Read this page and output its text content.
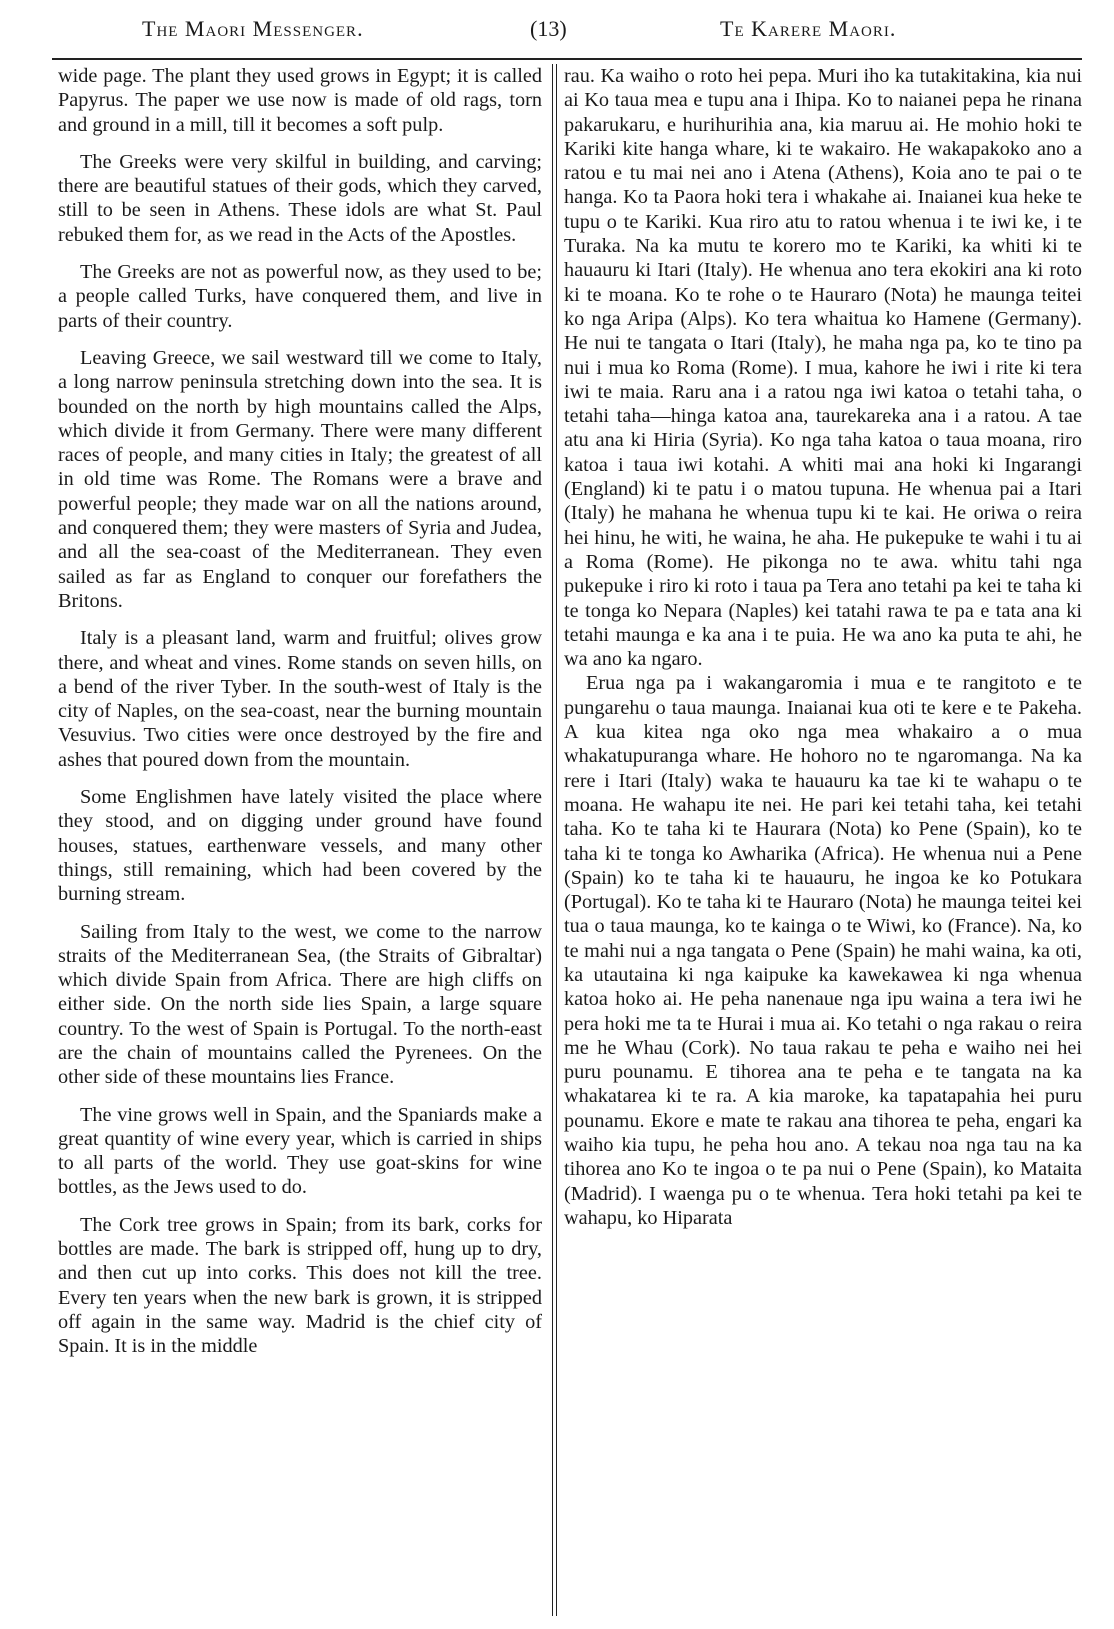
The Maori Messenger.	(13)	Te Karere Maori.

wide page. The plant they used grows in Egypt; it is called Papyrus. The paper we use now is made of old rags, torn and ground in a mill, till it becomes a soft pulp.

The Greeks were very skilful in building, and carving; there are beautiful statues of their gods, which they carved, still to be seen in Athens. These idols are what St. Paul rebuked them for, as we read in the Acts of the Apostles.

The Greeks are not as powerful now, as they used to be; a people called Turks, have conquered them, and live in parts of their country.

Leaving Greece, we sail westward till we come to Italy, a long narrow peninsula stretching down into the sea. It is bounded on the north by high mountains called the Alps, which divide it from Germany. There were many different races of people, and many cities in Italy; the greatest of all in old time was Rome. The Romans were a brave and powerful people; they made war on all the nations around, and conquered them; they were masters of Syria and Judea, and all the sea-coast of the Mediterranean. They even sailed as far as England to conquer our forefathers the Britons.

Italy is a pleasant land, warm and fruitful; olives grow there, and wheat and vines. Rome stands on seven hills, on a bend of the river Tyber. In the south-west of Italy is the city of Naples, on the sea-coast, near the burning mountain Vesuvius. Two cities were once destroyed by the fire and ashes that poured down from the mountain.

Some Englishmen have lately visited the place where they stood, and on digging under ground have found houses, statues, earthenware vessels, and many other things, still remaining, which had been covered by the burning stream.

Sailing from Italy to the west, we come to the narrow straits of the Mediterranean Sea, (the Straits of Gibraltar) which divide Spain from Africa. There are high cliffs on either side. On the north side lies Spain, a large square country. To the west of Spain is Portugal. To the north-east are the chain of mountains called the Pyrenees. On the other side of these mountains lies France.

The vine grows well in Spain, and the Spaniards make a great quantity of wine every year, which is carried in ships to all parts of the world. They use goat-skins for wine bottles, as the Jews used to do.

The Cork tree grows in Spain; from its bark, corks for bottles are made. The bark is stripped off, hung up to dry, and then cut up into corks. This does not kill the tree. Every ten years when the new bark is grown, it is stripped off again in the same way. Madrid is the chief city of Spain. It is in the middle

rau. Ka waiho o roto hei pepa. Muri iho ka tutakitakina, kia nui ai Ko taua mea e tupu ana i Ihipa. Ko to naianei pepa he rinana pakarukaru, e hurihurihia ana, kia maruu ai. He mohio hoki te Kariki kite hanga whare, ki te wakairo. He wakapakoko ano a ratou e tu mai nei ano i Atena (Athens), Koia ano te pai o te hanga. Ko ta Paora hoki tera i whakahe ai. Inaianei kua heke te tupu o te Kariki. Kua riro atu to ratou whenua i te iwi ke, i te Turaka. Na ka mutu te korero mo te Kariki, ka whiti ki te hauauru ki Itari (Italy). He whenua ano tera ekokiri ana ki roto ki te moana. Ko te rohe o te Hauraro (Nota) he maunga teitei ko nga Aripa (Alps). Ko tera whaitua ko Hamene (Germany). He nui te tangata o Itari (Italy), he maha nga pa, ko te tino pa nui i mua ko Roma (Rome). I mua, kahore he iwi i rite ki tera iwi te maia. Raru ana i a ratou nga iwi katoa o tetahi taha, o tetahi taha—hinga katoa ana, taurekareka ana i a ratou. A tae atu ana ki Hiria (Syria). Ko nga taha katoa o taua moana, riro katoa i taua iwi kotahi. A whiti mai ana hoki ki Ingarangi (England) ki te patu i o matou tupuna. He whenua pai a Itari (Italy) he mahana he whenua tupu ki te kai. He oriwa o reira hei hinu, he witi, he waina, he aha. He pukepuke te wahi i tu ai a Roma (Rome). He pikonga no te awa. whitu tahi nga pukepuke i riro ki roto i taua pa Tera ano tetahi pa kei te taha ki te tonga ko Nepara (Naples) kei tatahi rawa te pa e tata ana ki tetahi maunga e ka ana i te puia. He wa ano ka puta te ahi, he wa ano ka ngaro.

Erua nga pa i wakangaromia i mua e te rangitoto e te pungarehu o taua maunga. Inaianai kua oti te kere e te Pakeha. A kua kitea nga oko nga mea whakairo a o mua whakatupuranga whare. He hohoro no te ngaromanga. Na ka rere i Itari (Italy) waka te hauauru ka tae ki te wahapu o te moana. He wahapu ite nei. He pari kei tetahi taha, kei tetahi taha. Ko te taha ki te Haurara (Nota) ko Pene (Spain), ko te taha ki te tonga ko Awharika (Africa). He whenua nui a Pene (Spain) ko te taha ki te hauauru, he ingoa ke ko Potukara (Portugal). Ko te taha ki te Hauraro (Nota) he maunga teitei kei tua o taua maunga, ko te kainga o te Wiwi, ko (France). Na, ko te mahi nui a nga tangata o Pene (Spain) he mahi waina, ka oti, ka utautaina ki nga kaipuke ka kawekawea ki nga whenua katoa hoko ai. He peha nanenaue nga ipu waina a tera iwi he pera hoki me ta te Hurai i mua ai. Ko tetahi o nga rakau o reira me he Whau (Cork). No taua rakau te peha e waiho nei hei puru pounamu. E tihorea ana te peha e te tangata na ka whakatarea ki te ra. A kia maroke, ka tapatapahia hei puru pounamu. Ekore e mate te rakau ana tihorea te peha, engari ka waiho kia tupu, he peha hou ano. A tekau noa nga tau na ka tihorea ano Ko te ingoa o te pa nui o Pene (Spain), ko Mataita (Madrid). I waenga pu o te whenua. Tera hoki tetahi pa kei te wahapu, ko Hiparata
